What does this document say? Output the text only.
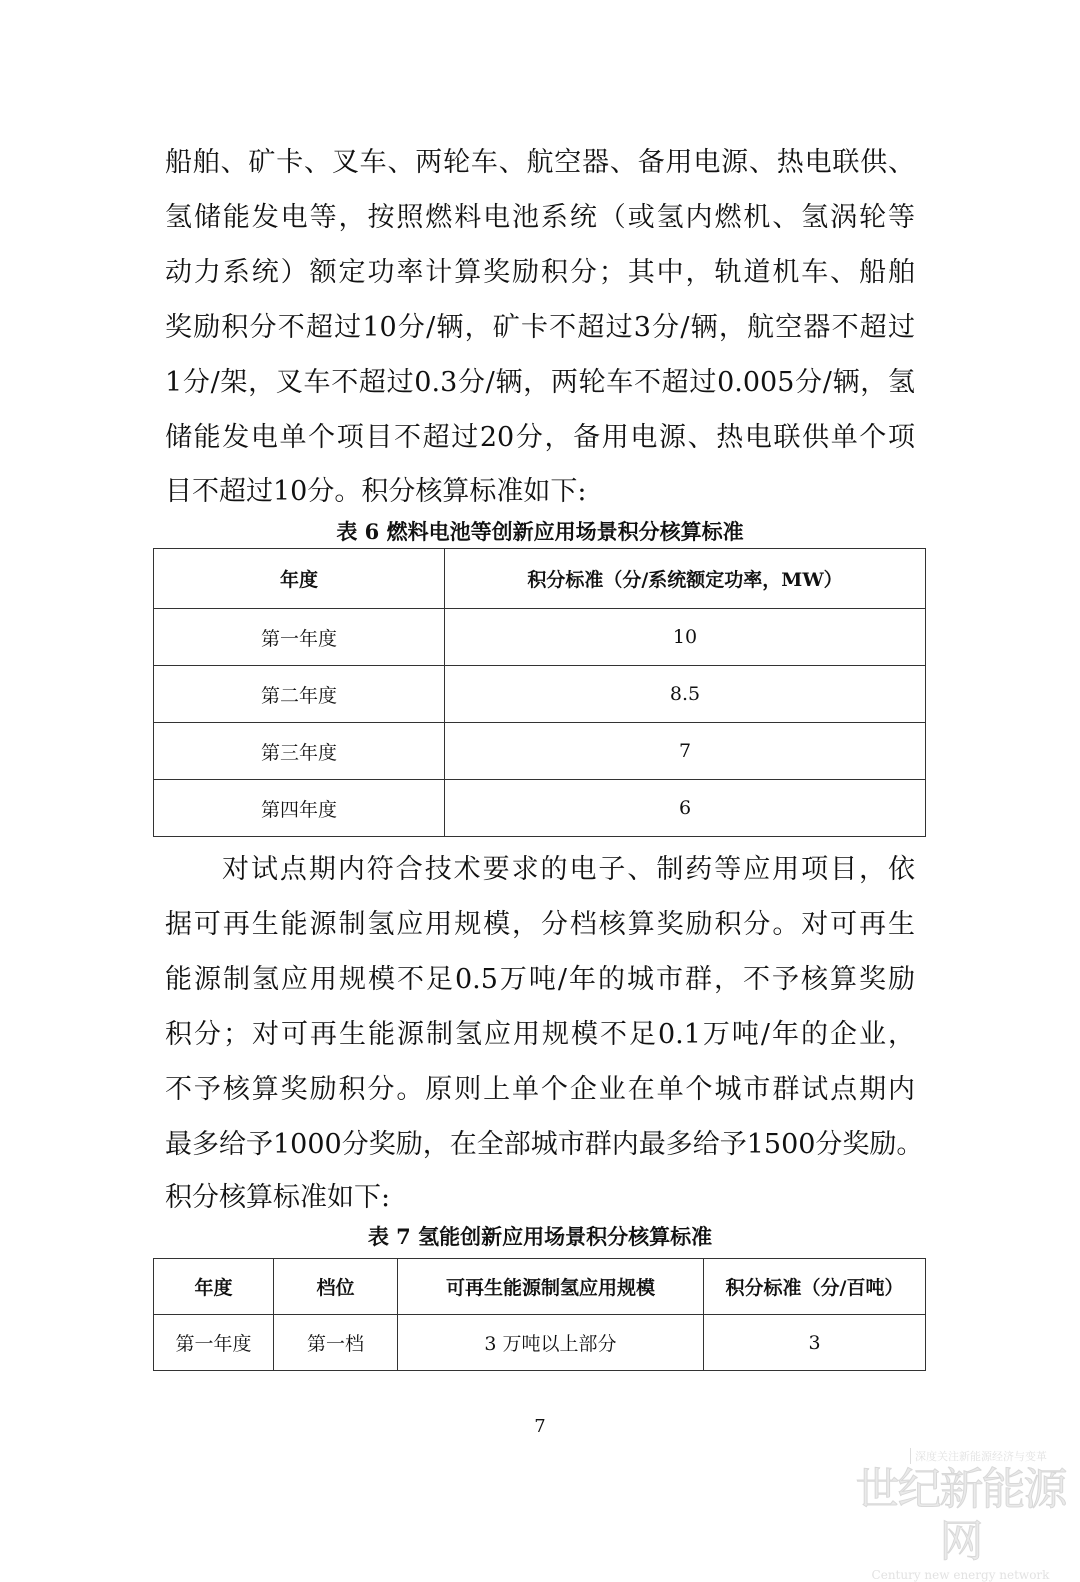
船舶、矿卡、叉车、两轮车、航空器、备用电源、热电联供、
氢储能发电等，按照燃料电池系统（或氢内燃机、氢涡轮等
动力系统）额定功率计算奖励积分；其中，轨道机车、船舶
奖励积分不超过10分/辆，矿卡不超过3分/辆，航空器不超过
1分/架，叉车不超过0.3分/辆，两轮车不超过0.005分/辆，氢
储能发电单个项目不超过20分，备用电源、热电联供单个项
目不超过10分。积分核算标准如下:
表 6 燃料电池等创新应用场景积分核算标准
年度	积分标准（分/系统额定功率，MW）
第一年度	10
第二年度	8.5
第三年度	7
第四年度	6
对试点期内符合技术要求的电子、制药等应用项目，依
据可再生能源制氢应用规模，分档核算奖励积分。对可再生
能源制氢应用规模不足0.5万吨/年的城市群，不予核算奖励
积分；对可再生能源制氢应用规模不足0.1万吨/年的企业，
不予核算奖励积分。原则上单个企业在单个城市群试点期内
最多给予1000分奖励，在全部城市群内最多给予1500分奖励。
积分核算标准如下:
表 7 氢能创新应用场景积分核算标准
年度	档位	可再生能源制氢应用规模	积分标准（分/百吨）
第一年度	第一档	3 万吨以上部分	3
7
深度关注新能源经济与变革
世纪新能源网
Century new energy network
